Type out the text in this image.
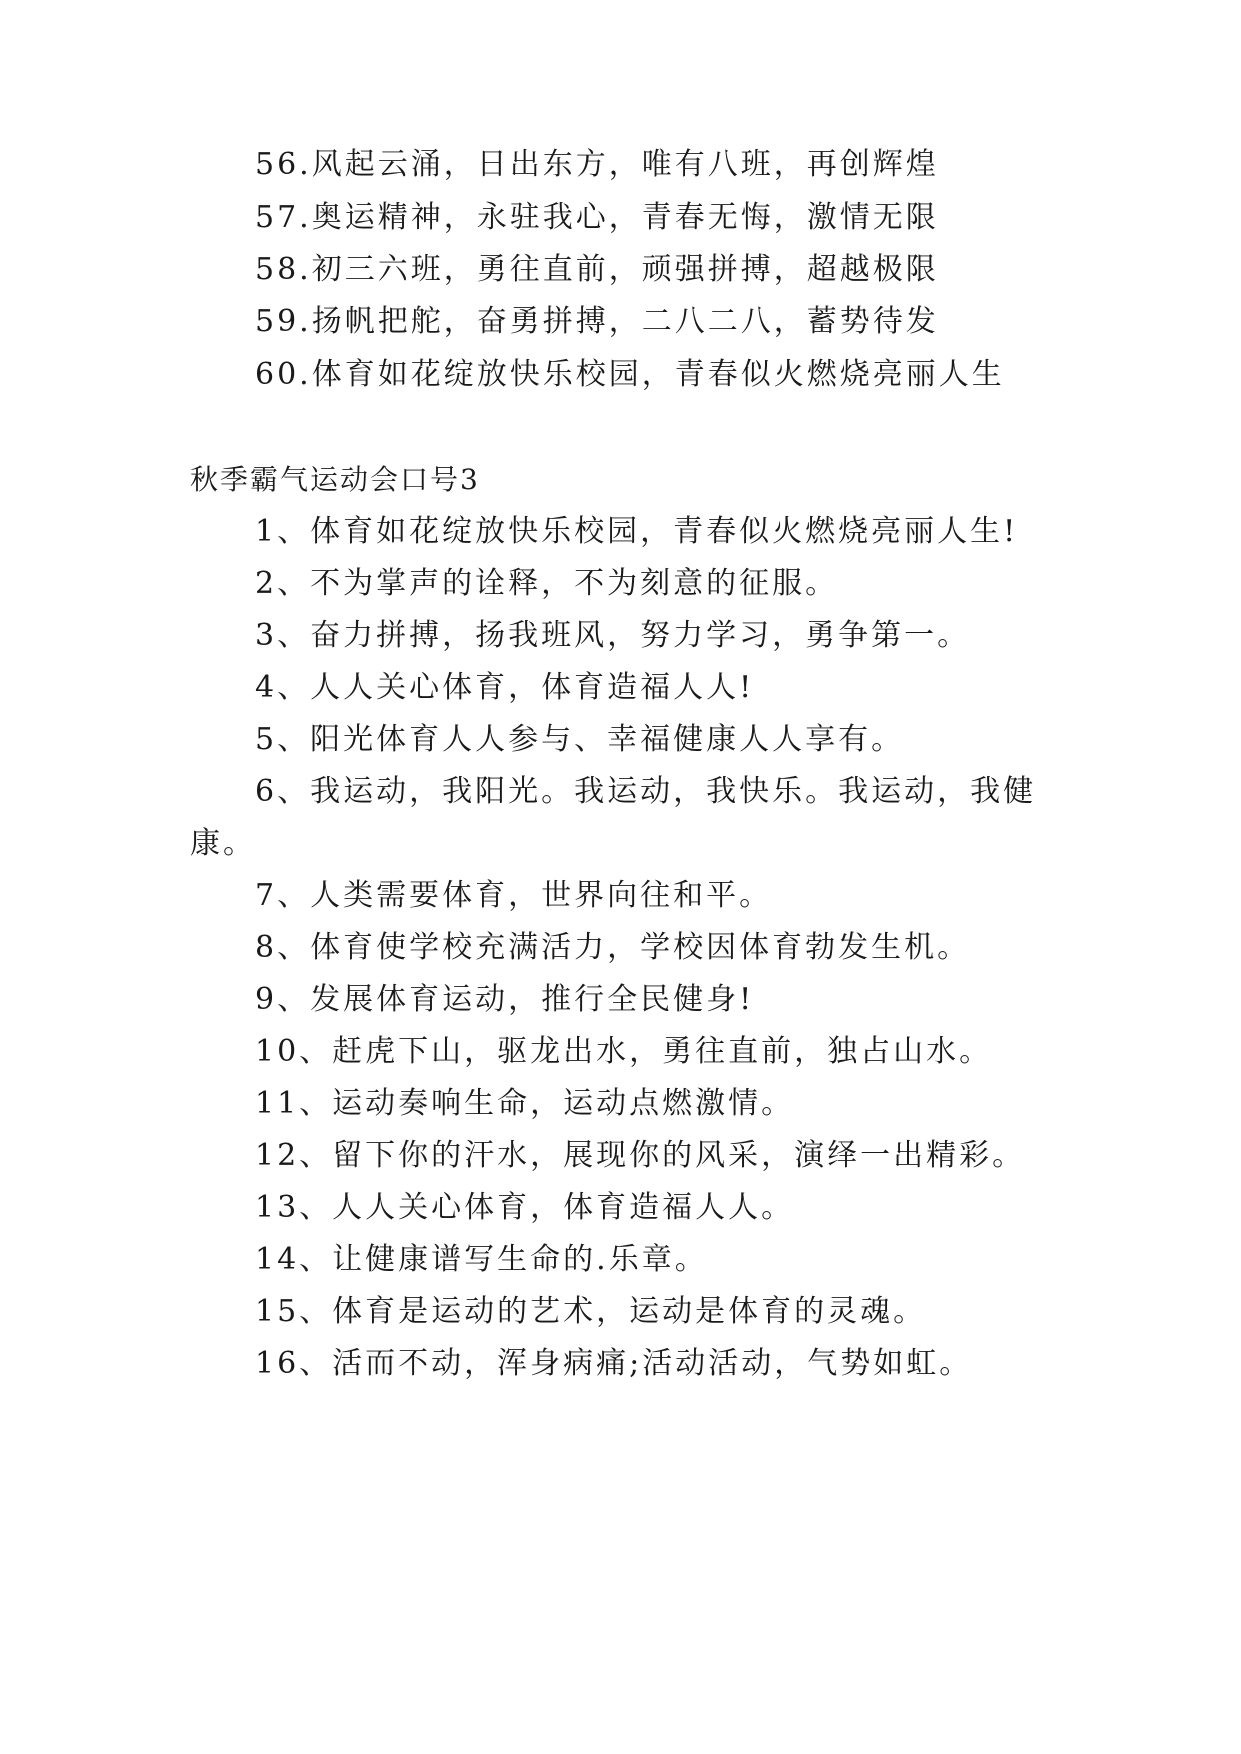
56.风起云涌，日出东方，唯有八班，再创辉煌
57.奥运精神，永驻我心，青春无悔，激情无限
58.初三六班，勇往直前，顽强拼搏，超越极限
59.扬帆把舵，奋勇拼搏，二八二八，蓄势待发
60.体育如花绽放快乐校园，青春似火燃烧亮丽人生
秋季霸气运动会口号3
1、体育如花绽放快乐校园，青春似火燃烧亮丽人生!
2、不为掌声的诠释，不为刻意的征服。
3、奋力拼搏，扬我班风，努力学习，勇争第一。
4、人人关心体育，体育造福人人!
5、阳光体育人人参与、幸福健康人人享有。
6、我运动，我阳光。我运动，我快乐。我运动，我健
康。
7、人类需要体育，世界向往和平。
8、体育使学校充满活力，学校因体育勃发生机。
9、发展体育运动，推行全民健身!
10、赶虎下山，驱龙出水，勇往直前，独占山水。
11、运动奏响生命，运动点燃激情。
12、留下你的汗水，展现你的风采，演绎一出精彩。
13、人人关心体育，体育造福人人。
14、让健康谱写生命的.乐章。
15、体育是运动的艺术，运动是体育的灵魂。
16、活而不动，浑身病痛;活动活动，气势如虹。
